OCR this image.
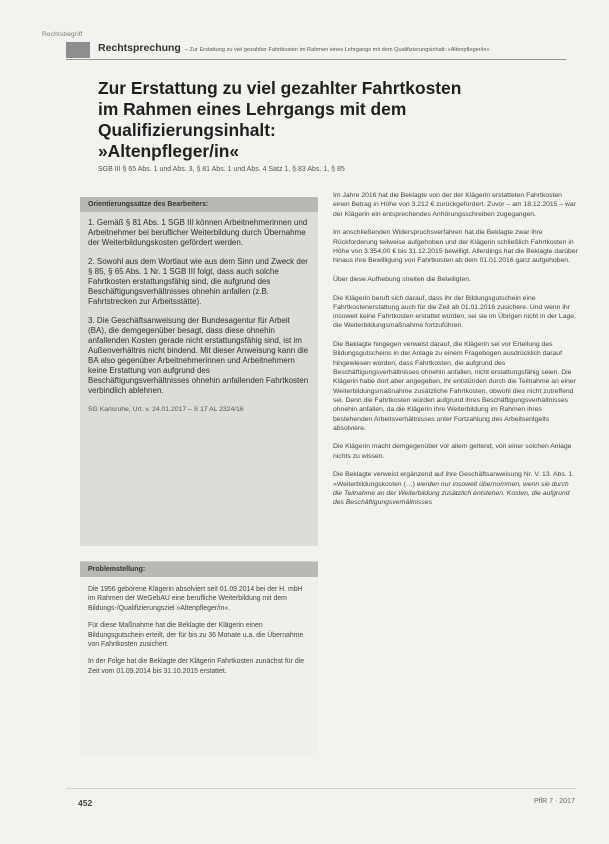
Rechtsbegriff
Rechtsprechung – Zur Erstattung zu viel gezahlter Fahrtkosten im Rahmen eines Lehrgangs mit dem Qualifizierungsinhalt: »Altenpfleger/in«
Zur Erstattung zu viel gezahlter Fahrtkosten
im Rahmen eines Lehrgangs mit dem Qualifizierungsinhalt:
»Altenpfleger/in«
SGB III § 65 Abs. 1 und Abs. 3, § 81 Abs. 1 und Abs. 4 Satz 1, § 83 Abs. 1, § 85
Orientierungssätze des Bearbeiters:

1. Gemäß § 81 Abs. 1 SGB III können Arbeitnehmerinnen und Arbeitnehmer bei beruflicher Weiterbildung durch Übernahme der Weiterbildungskosten gefördert werden.

2. Sowohl aus dem Wortlaut wie aus dem Sinn und Zweck der § 85, § 65 Abs. 1 Nr. 1 SGB III folgt, dass auch solche Fahrtkosten erstattungsfähig sind, die aufgrund des Beschäftigungsverhältnisses ohnehin anfallen (z.B. Fahrtstrecken zur Arbeitsstätte).

3. Die Geschäftsanweisung der Bundesagentur für Arbeit (BA), die demgegenüber besagt, dass diese ohnehin anfallenden Kosten gerade nicht erstattungsfähig sind, ist im Außenverhältnis nicht bindend. Mit dieser Anweisung kann die BA also gegenüber Arbeitnehmerinnen und Arbeitnehmern keine Erstattung von aufgrund des Beschäftigungsverhältnisses ohnehin anfallenden Fahrtkosten verbindlich ablehnen.

SG Karlsruhe, Urt. v. 24.01.2017 – S 17 AL 2324/16

Problemstellung:

Die 1956 geborene Klägerin absolviert seit 01.09.2014 bei der H. mbH im Rahmen der WeGebAU eine berufliche Weiterbildung mit dem Bildungs-/Qualifizierungsziel »Altenpfleger/in«.

Für diese Maßnahme hat die Beklagte der Klägerin einen Bildungsgutschein erteilt, der für bis zu 36 Monate u.a. die Übernahme von Fahrtkosten zusichert.

In der Folge hat die Beklagte der Klägerin Fahrtkosten zunächst für die Zeit vom 01.09.2014 bis 31.10.2015 erstattet.

Im Jahre 2016 hat die Beklagte von der der Klägerin erstatteten Fahrtkosten einen Betrag in Höhe von 3.212 € zurückgefordert. Zuvor – am 18.12.2015 – war der Klägerin ein entsprechendes Anhörungsschreiben zugegangen.

Im anschließenden Widerspruchsverfahren hat die Beklagte zwar ihre Rückforderung teilweise aufgehoben und der Klägerin schließlich Fahrtkosten in Höhe von 3.354,00 € bis 31.12.2015 bewilligt. Allerdings hat die Beklagte darüber hinaus ihre Bewilligung von Fahrtkosten ab dem 01.01.2016 ganz aufgehoben.

Über diese Aufhebung streiten die Beteiligten.

Die Klägerin beruft sich darauf, dass ihr der Bildungsgutschein eine Fahrtkostenerstattung auch für die Zeit ab 01.01.2016 zusichere. Und wenn ihr insoweit keine Fahrtkosten erstattet würden, sei sie im Übrigen nicht in der Lage, die Weiterbildungsmaßnahme fortzuführen.

Die Beklagte hingegen verweist darauf, die Klägerin sei vor Erteilung des Bildungsgutscheins in der Anlage zu einem Fragebogen ausdrücklich darauf hingewiesen worden, dass Fahrtkosten, die aufgrund des Beschäftigungsverhältnisses ohnehin anfallen, nicht erstattungsfähig seien. Die Klägerin habe dort aber angegeben, ihr entstünden durch die Teilnahme an einer Weiterbildungsmaßnahme zusätzliche Fahrtkosten, obwohl dies nicht zutreffend sei. Denn die Fahrtkosten würden aufgrund ihres Beschäftigungsverhältnisses ohnehin anfallen, da die Klägerin ihre Weiterbildung im Rahmen ihres bestehenden Arbeitsverhältnisses unter Fortzahlung des Arbeitsentgelts absolviere.

Die Klägerin macht demgegenüber vor allem geltend, von einer solchen Anlage nichts zu wissen.

Die Beklagte verweist ergänzend auf ihre Geschäftsanweisung Nr. V. 13. Abs. 1. »Weiterbildungskosten (…) werden nur insoweit übernommen, wenn sie durch die Teilnahme an der Weiterbildung zusätzlich entstehen. Kosten, die aufgrund des Beschäftigungsverhältnisses

452	PflR 7 · 2017
